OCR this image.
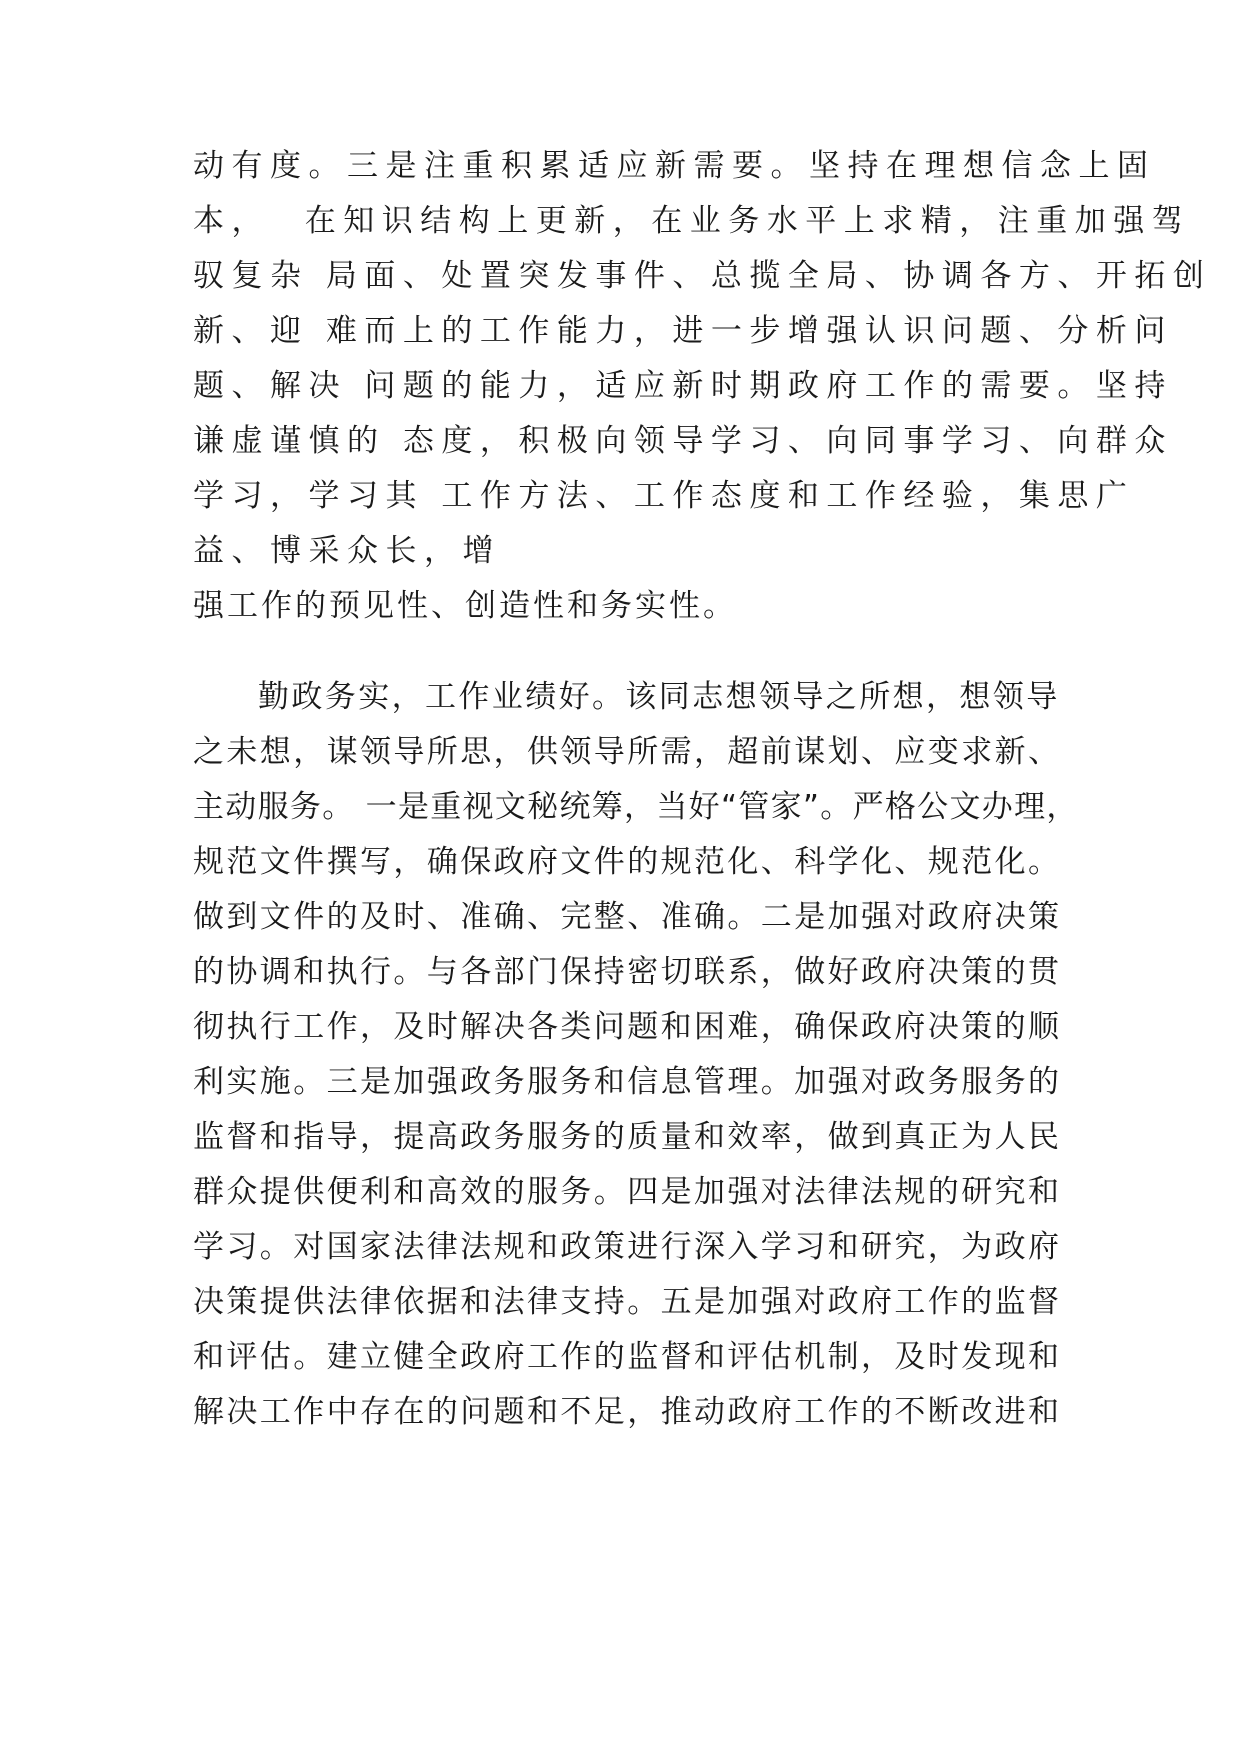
动有度。三是注重积累适应新需要。坚持在理想信念上固
本，  在知识结构上更新，在业务水平上求精，注重加强驾
驭复杂 局面、处置突发事件、总揽全局、协调各方、开拓创
新、迎 难而上的工作能力，进一步增强认识问题、分析问
题、解决 问题的能力，适应新时期政府工作的需要。坚持
谦虚谨慎的 态度，积极向领导学习、向同事学习、向群众
学习，学习其 工作方法、工作态度和工作经验，集思广
益、博采众长，增
强工作的预见性、创造性和务实性。
勤政务实，工作业绩好。该同志想领导之所想，想领导
之未想，谋领导所思，供领导所需，超前谋划、应变求新、
主动服务。 一是重视文秘统筹，当好“管家”。严格公文办理，
规范文件撰写，确保政府文件的规范化、科学化、规范化。
做到文件的及时、准确、完整、准确。二是加强对政府决策
的协调和执行。与各部门保持密切联系，做好政府决策的贯
彻执行工作，及时解决各类问题和困难，确保政府决策的顺
利实施。三是加强政务服务和信息管理。加强对政务服务的
监督和指导，提高政务服务的质量和效率，做到真正为人民
群众提供便利和高效的服务。四是加强对法律法规的研究和
学习。对国家法律法规和政策进行深入学习和研究，为政府
决策提供法律依据和法律支持。五是加强对政府工作的监督
和评估。建立健全政府工作的监督和评估机制，及时发现和
解决工作中存在的问题和不足，推动政府工作的不断改进和
